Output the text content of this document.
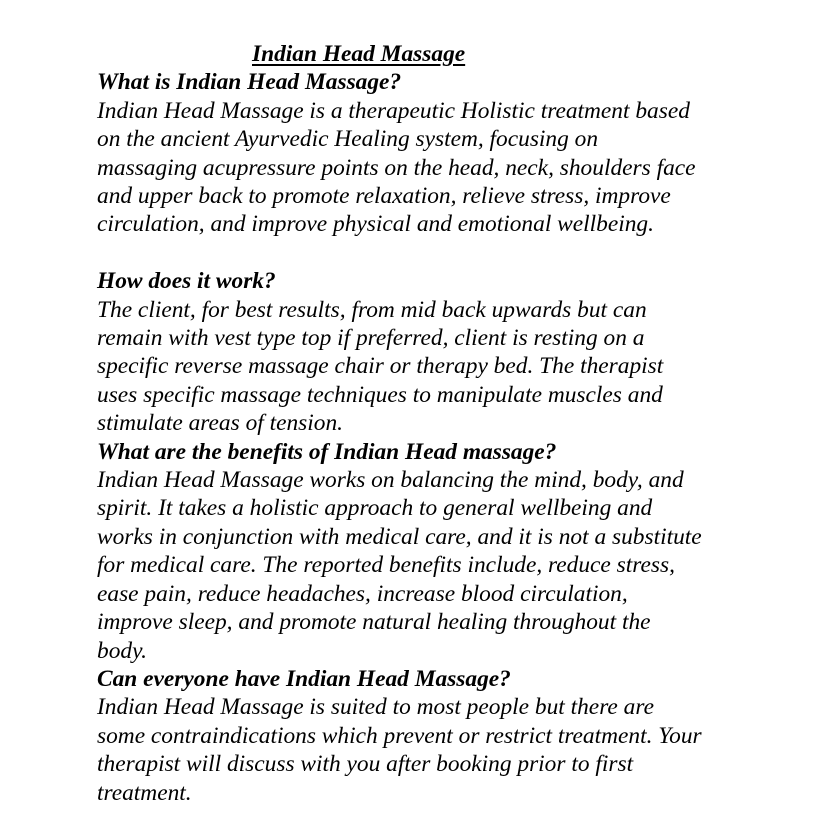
Indian Head Massage
What is Indian Head Massage?
Indian Head Massage is a therapeutic Holistic treatment based
on the ancient Ayurvedic Healing system, focusing on
massaging acupressure points on the head, neck, shoulders face
and upper back to promote relaxation, relieve stress, improve
circulation, and improve physical and emotional wellbeing.
How does it work?
The client, for best results, from mid back upwards but can
remain with vest type top if preferred, client is resting on a
specific reverse massage chair or therapy bed. The therapist
uses specific massage techniques to manipulate muscles and
stimulate areas of tension.
What are the benefits of Indian Head massage?
Indian Head Massage works on balancing the mind, body, and
spirit. It takes a holistic approach to general wellbeing and
works in conjunction with medical care, and it is not a substitute
for medical care. The reported benefits include, reduce stress,
ease pain, reduce headaches, increase blood circulation,
improve sleep, and promote natural healing throughout the
body.
Can everyone have Indian Head Massage?
Indian Head Massage is suited to most people but there are
some contraindications which prevent or restrict treatment. Your
therapist will discuss with you after booking prior to first
treatment.
